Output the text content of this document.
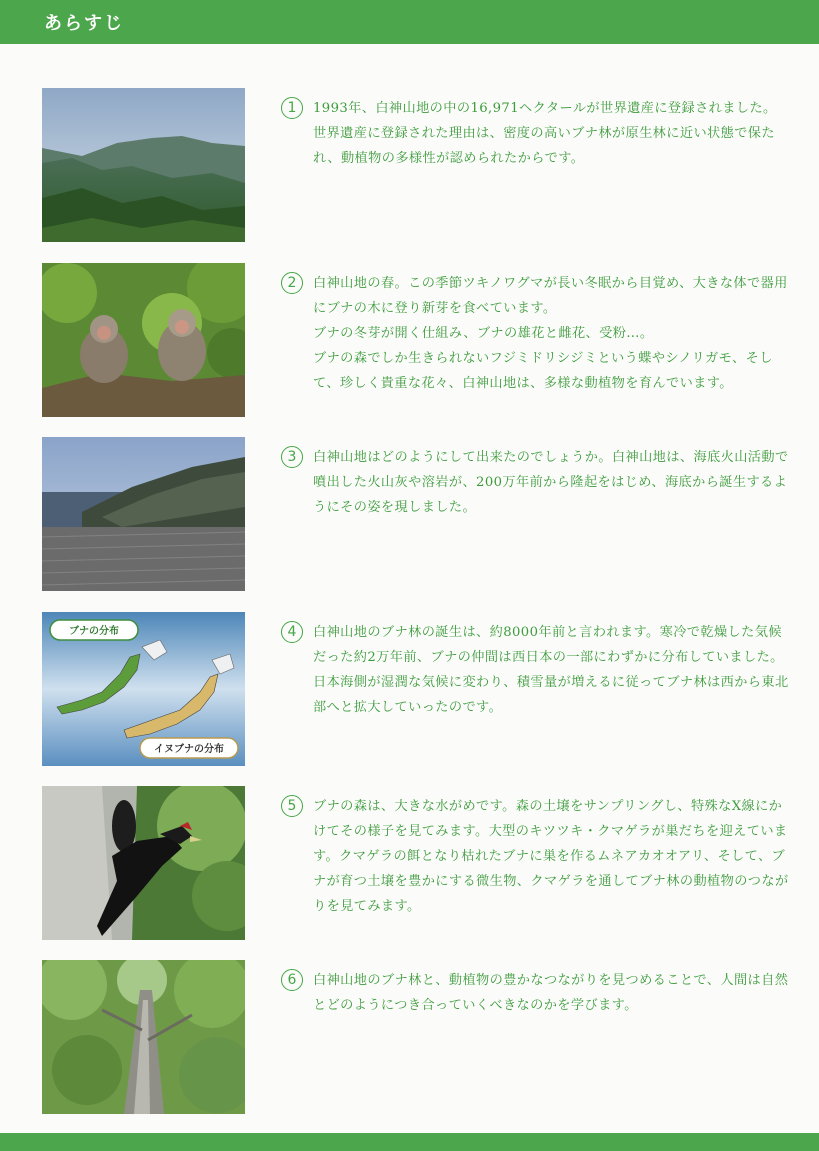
あらすじ
1	1993年、白神山地の中の16,971ヘクタールが世界遺産に登録されました。世界遺産に登録された理由は、密度の高いブナ林が原生林に近い状態で保たれ、動植物の多様性が認められたからです。
2	白神山地の春。この季節ツキノワグマが長い冬眠から目覚め、大きな体で器用にブナの木に登り新芽を食べています。
ブナの冬芽が開く仕組み、ブナの雄花と雌花、受粉…。
ブナの森でしか生きられないフジミドリシジミという蝶やシノリガモ、そして、珍しく貴重な花々、白神山地は、多様な動植物を育んでいます。
3	白神山地はどのようにして出来たのでしょうか。白神山地は、海底火山活動で噴出した火山灰や溶岩が、200万年前から隆起をはじめ、海底から誕生するようにその姿を現しました。
ブナの分布
イヌブナの分布
4	白神山地のブナ林の誕生は、約8000年前と言われます。寒冷で乾燥した気候だった約2万年前、ブナの仲間は西日本の一部にわずかに分布していました。日本海側が湿潤な気候に変わり、積雪量が増えるに従ってブナ林は西から東北部へと拡大していったのです。
5	ブナの森は、大きな水がめです。森の土壌をサンプリングし、特殊なX線にかけてその様子を見てみます。大型のキツツキ・クマゲラが巣だちを迎えています。クマゲラの餌となり枯れたブナに巣を作るムネアカオオアリ、そして、ブナが育つ土壌を豊かにする微生物、クマゲラを通してブナ林の動植物のつながりを見てみます。
6	白神山地のブナ林と、動植物の豊かなつながりを見つめることで、人間は自然とどのようにつき合っていくべきなのかを学びます。
